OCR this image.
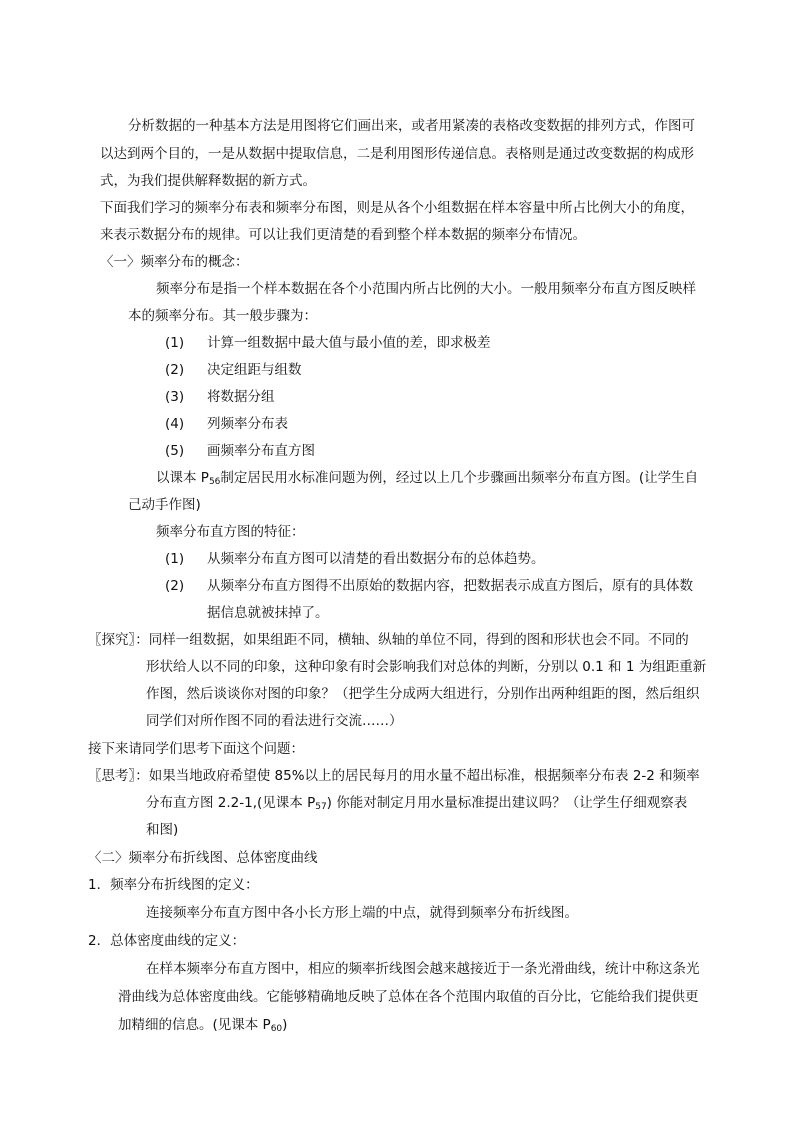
分析数据的一种基本方法是用图将它们画出来，或者用紧凑的表格改变数据的排列方式，作图可
以达到两个目的，一是从数据中提取信息，二是利用图形传递信息。表格则是通过改变数据的构成形
式，为我们提供解释数据的新方式。
下面我们学习的频率分布表和频率分布图，则是从各个小组数据在样本容量中所占比例大小的角度，
来表示数据分布的规律。可以让我们更清楚的看到整个样本数据的频率分布情况。
〈一〉频率分布的概念：
频率分布是指一个样本数据在各个小范围内所占比例的大小。一般用频率分布直方图反映样
本的频率分布。其一般步骤为：
(1) 计算一组数据中最大值与最小值的差，即求极差
(2) 决定组距与组数
(3) 将数据分组
(4) 列频率分布表
(5) 画频率分布直方图
以课本 $P_{56}$制定居民用水标准问题为例，经过以上几个步骤画出频率分布直方图。(让学生自
己动手作图)
频率分布直方图的特征：
(1) 从频率分布直方图可以清楚的看出数据分布的总体趋势。
(2) 从频率分布直方图得不出原始的数据内容，把数据表示成直方图后，原有的具体数
据信息就被抹掉了。
〖探究〗：同样一组数据，如果组距不同，横轴、纵轴的单位不同，得到的图和形状也会不同。不同的
形状给人以不同的印象，这种印象有时会影响我们对总体的判断，分别以 0.1 和 1 为组距重新
作图，然后谈谈你对图的印象？（把学生分成两大组进行，分别作出两种组距的图，然后组织
同学们对所作图不同的看法进行交流……）
接下来请同学们思考下面这个问题：
〖思考〗：如果当地政府希望使 85%以上的居民每月的用水量不超出标准，根据频率分布表 2-2 和频率
分布直方图 2.2-1,(见课本 $P_{57}$) 你能对制定月用水量标准提出建议吗？（让学生仔细观察表
和图)
〈二〉频率分布折线图、总体密度曲线
1．频率分布折线图的定义：
连接频率分布直方图中各小长方形上端的中点，就得到频率分布折线图。
2．总体密度曲线的定义：
在样本频率分布直方图中，相应的频率折线图会越来越接近于一条光滑曲线，统计中称这条光
滑曲线为总体密度曲线。它能够精确地反映了总体在各个范围内取值的百分比，它能给我们提供更
加精细的信息。(见课本 $P_{60}$)
